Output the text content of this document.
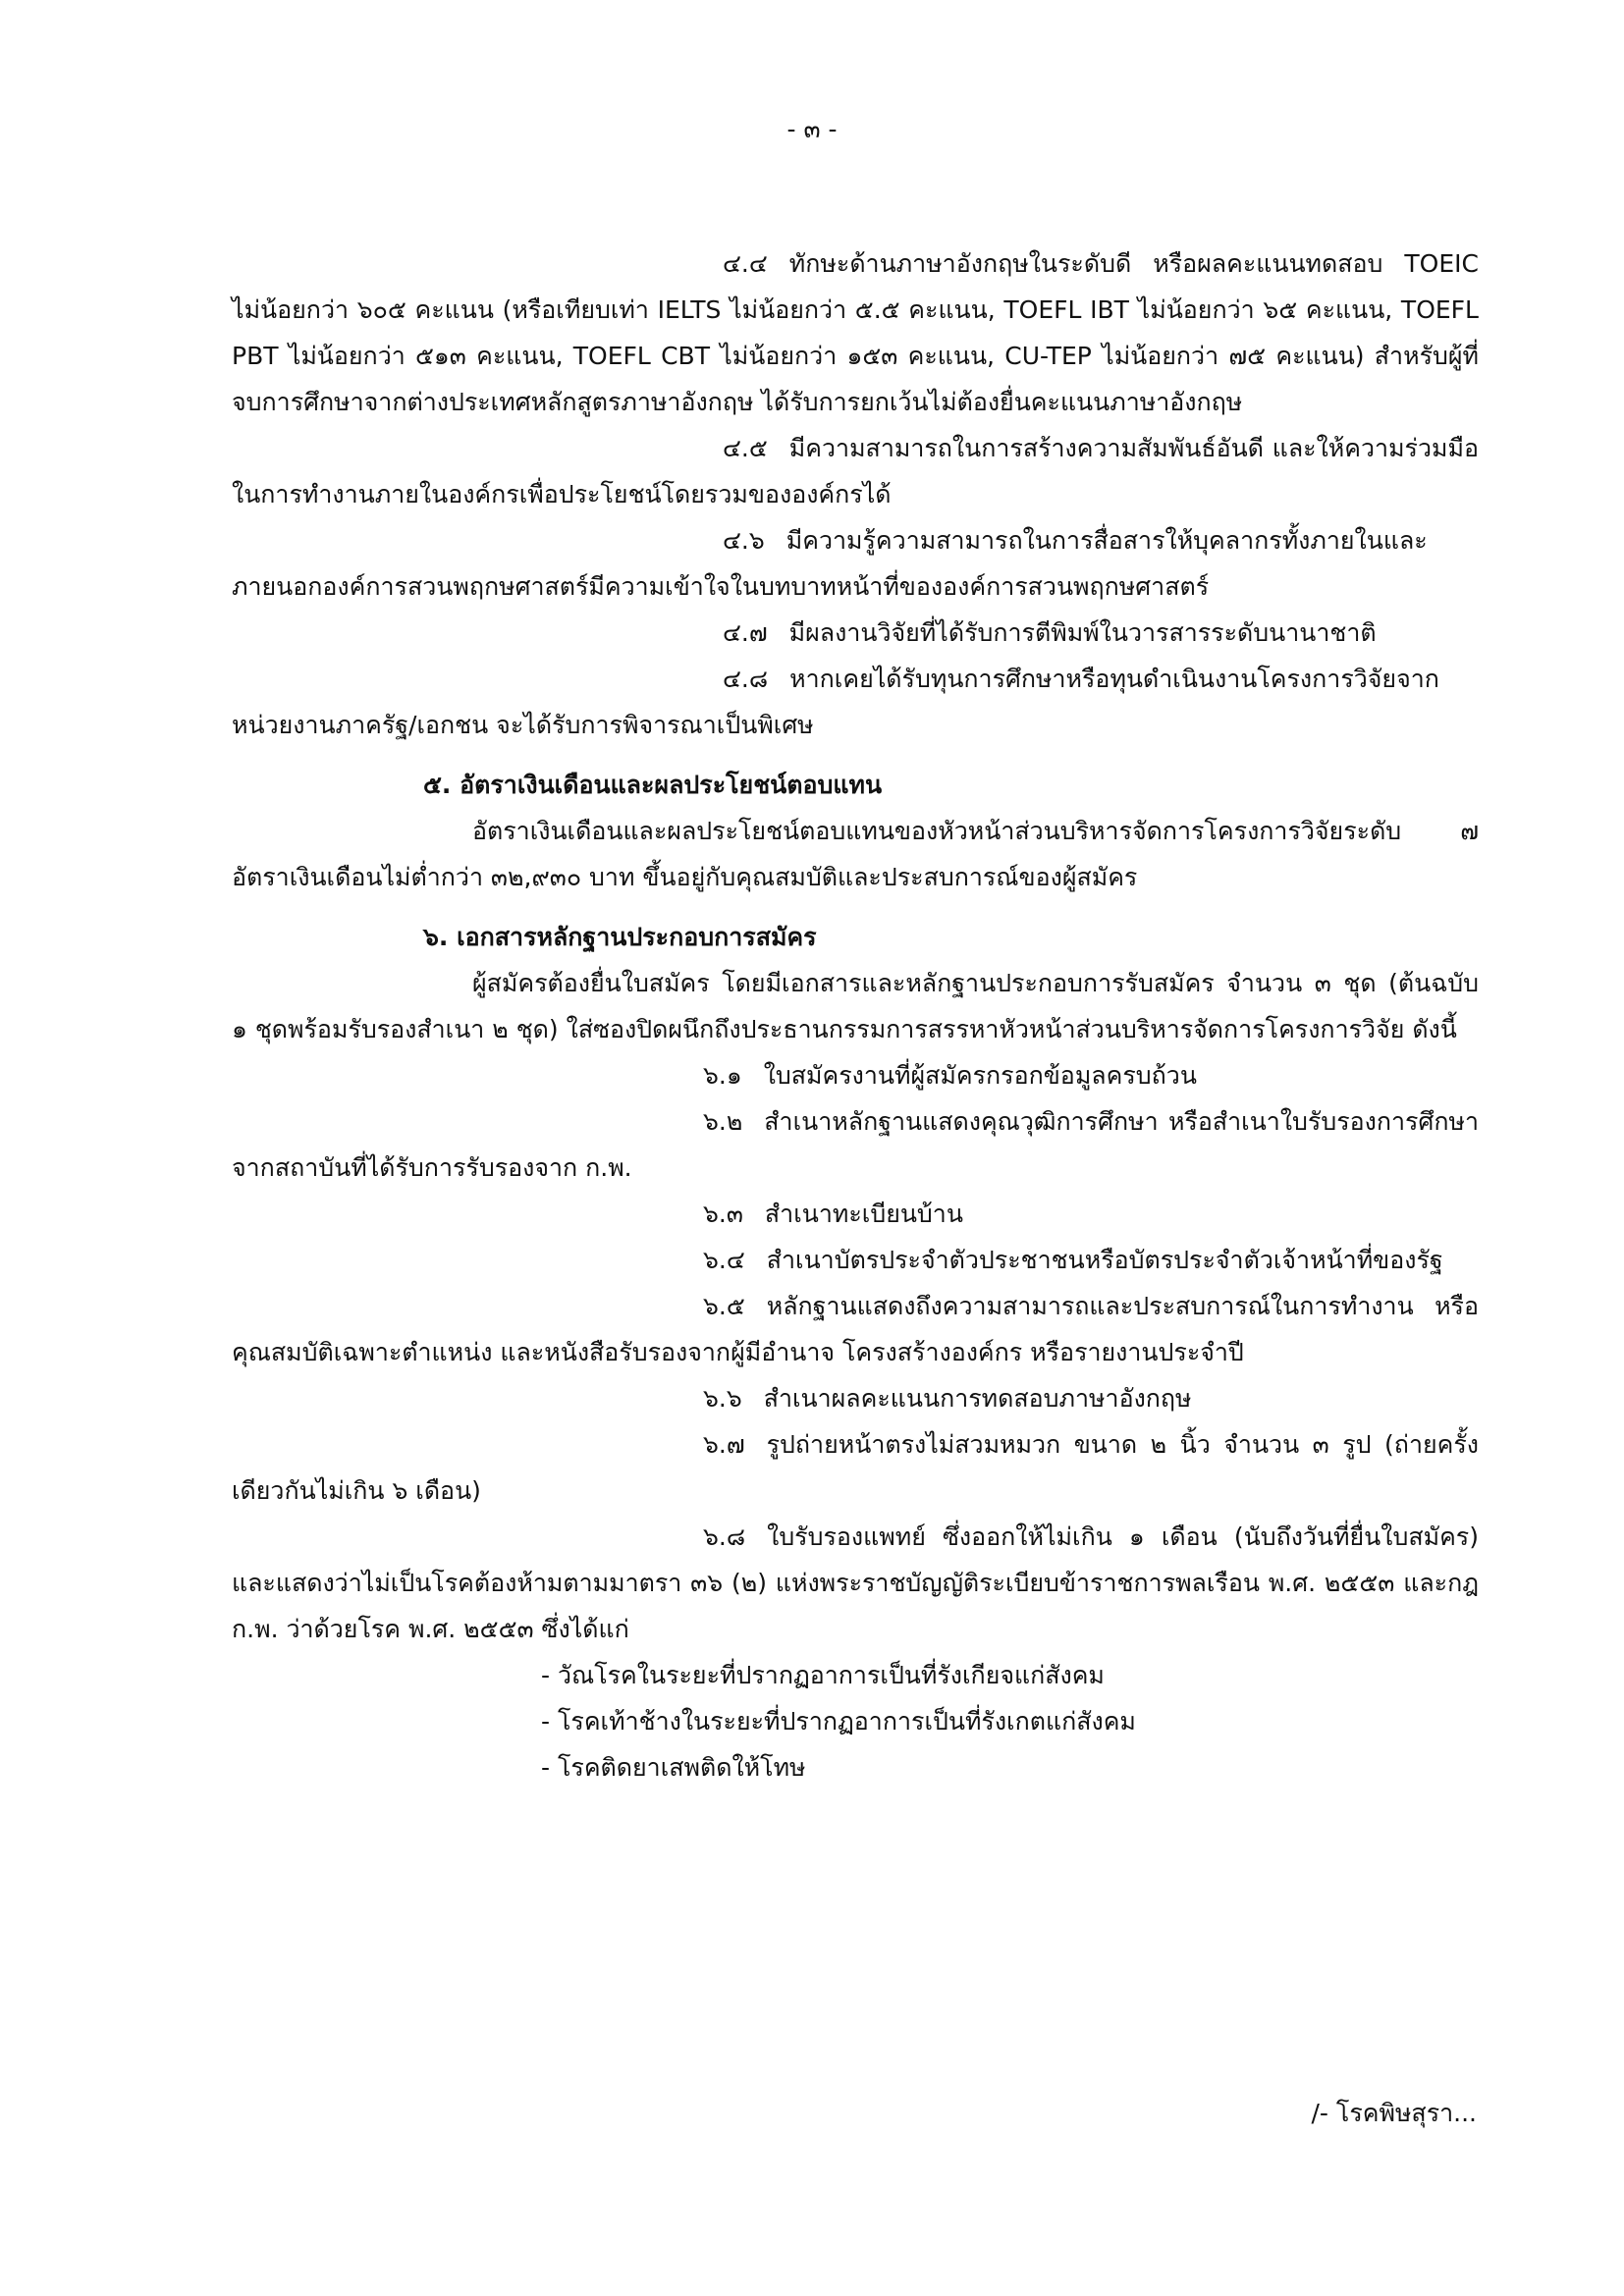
- ๓ -

๔.๔ ทักษะด้านภาษาอังกฤษในระดับดี หรือผลคะแนนทดสอบ TOEIC ไม่น้อยกว่า ๖๐๕ คะแนน (หรือเทียบเท่า IELTS ไม่น้อยกว่า ๕.๕ คะแนน, TOEFL IBT ไม่น้อยกว่า ๖๕ คะแนน, TOEFL PBT ไม่น้อยกว่า ๕๑๓ คะแนน, TOEFL CBT ไม่น้อยกว่า ๑๕๓ คะแนน, CU-TEP ไม่น้อยกว่า ๗๕ คะแนน) สำหรับผู้ที่จบการศึกษาจากต่างประเทศหลักสูตรภาษาอังกฤษ ได้รับการยกเว้นไม่ต้องยื่นคะแนนภาษาอังกฤษ

๔.๕ มีความสามารถในการสร้างความสัมพันธ์อันดี และให้ความร่วมมือในการทำงานภายในองค์กรเพื่อประโยชน์โดยรวมขององค์กรได้

๔.๖ มีความรู้ความสามารถในการสื่อสารให้บุคลากรทั้งภายในและภายนอกองค์การสวนพฤกษศาสตร์มีความเข้าใจในบทบาทหน้าที่ขององค์การสวนพฤกษศาสตร์

๔.๗ มีผลงานวิจัยที่ได้รับการตีพิมพ์ในวารสารระดับนานาชาติ

๔.๘ หากเคยได้รับทุนการศึกษาหรือทุนดำเนินงานโครงการวิจัยจากหน่วยงานภาครัฐ/เอกชน จะได้รับการพิจารณาเป็นพิเศษ

๕. อัตราเงินเดือนและผลประโยชน์ตอบแทน

อัตราเงินเดือนและผลประโยชน์ตอบแทนของหัวหน้าส่วนบริหารจัดการโครงการวิจัยระดับ ๗ อัตราเงินเดือนไม่ต่ำกว่า ๓๒,๙๓๐ บาท ขึ้นอยู่กับคุณสมบัติและประสบการณ์ของผู้สมัคร

๖. เอกสารหลักฐานประกอบการสมัคร

ผู้สมัครต้องยื่นใบสมัคร โดยมีเอกสารและหลักฐานประกอบการรับสมัคร จำนวน ๓ ชุด (ต้นฉบับ ๑ ชุดพร้อมรับรองสำเนา ๒ ชุด) ใส่ซองปิดผนึกถึงประธานกรรมการสรรหาหัวหน้าส่วนบริหารจัดการโครงการวิจัย ดังนี้

๖.๑ ใบสมัครงานที่ผู้สมัครกรอกข้อมูลครบถ้วน

๖.๒ สำเนาหลักฐานแสดงคุณวุฒิการศึกษา หรือสำเนาใบรับรองการศึกษาจากสถาบันที่ได้รับการรับรองจาก ก.พ.

๖.๓ สำเนาทะเบียนบ้าน

๖.๔ สำเนาบัตรประจำตัวประชาชนหรือบัตรประจำตัวเจ้าหน้าที่ของรัฐ

๖.๕ หลักฐานแสดงถึงความสามารถและประสบการณ์ในการทำงาน หรือคุณสมบัติเฉพาะตำแหน่ง และหนังสือรับรองจากผู้มีอำนาจ โครงสร้างองค์กร หรือรายงานประจำปี

๖.๖ สำเนาผลคะแนนการทดสอบภาษาอังกฤษ

๖.๗ รูปถ่ายหน้าตรงไม่สวมหมวก ขนาด ๒ นิ้ว จำนวน ๓ รูป (ถ่ายครั้งเดียวกันไม่เกิน ๖ เดือน)

๖.๘ ใบรับรองแพทย์ ซึ่งออกให้ไม่เกิน ๑ เดือน (นับถึงวันที่ยื่นใบสมัคร) และแสดงว่าไม่เป็นโรคต้องห้ามตามมาตรา ๓๖ (๒) แห่งพระราชบัญญัติระเบียบข้าราชการพลเรือน พ.ศ. ๒๕๕๓ และกฎ ก.พ. ว่าด้วยโรค พ.ศ. ๒๕๕๓ ซึ่งได้แก่

- วัณโรคในระยะที่ปรากฏอาการเป็นที่รังเกียจแก่สังคม

- โรคเท้าช้างในระยะที่ปรากฏอาการเป็นที่รังเกตแก่สังคม

- โรคติดยาเสพติดให้โทษ

/- โรคพิษสุรา...
